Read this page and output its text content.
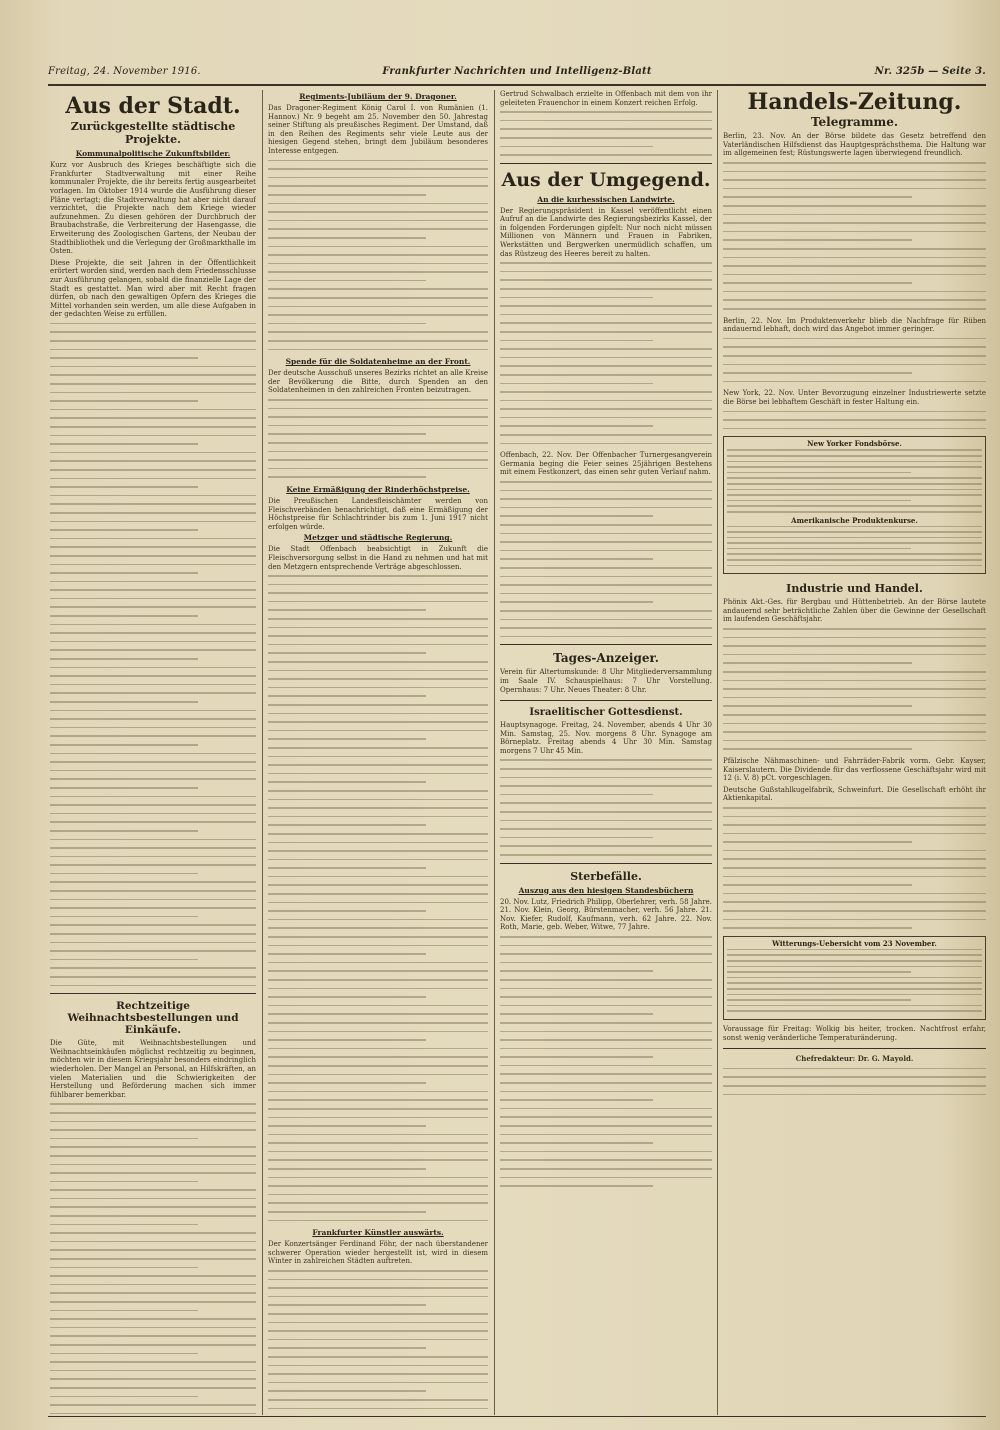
Freitag, 24. November 1916.	Frankfurter Nachrichten und Intelligenz-Blatt	Nr. 325b — Seite 3.
Aus der Stadt.
Zurückgestellte städtische Projekte.
Kommunalpolitische Zukunftsbilder.

Kurz vor Ausbruch des Krieges beschäftigte sich die Frankfurter Stadtverwaltung mit einer Reihe kommunaler Projekte, die ihr bereits fertig ausgearbeitet vorlagen. Im Oktober 1914 wurde die Ausführung dieser Pläne vertagt; die Stadtverwaltung hat aber nicht darauf verzichtet, die Projekte nach dem Kriege wieder aufzunehmen. Zu diesen gehören der Durchbruch der Braubachstraße, die Verbreiterung der Hasengasse, die Erweiterung des Zoologischen Gartens, der Neubau der Stadtbibliothek und die Verlegung der Großmarkthalle im Osten.

Diese Projekte, die seit Jahren in der Öffentlichkeit erörtert worden sind, werden nach dem Friedensschlusse zur Ausführung gelangen, sobald die finanzielle Lage der Stadt es gestattet. Man wird aber mit Recht fragen dürfen, ob nach den gewaltigen Opfern des Krieges die Mittel vorhanden sein werden, um alle diese Aufgaben in der gedachten Weise zu erfüllen.

Rechtzeitige Weihnachtsbestellungen und Einkäufe.

Die Güte, mit Weihnachtsbestellungen und Weihnachtseinkäufen möglichst rechtzeitig zu beginnen, möchten wir in diesem Kriegsjahr besonders eindringlich wiederholen. Der Mangel an Personal, an Hilfskräften, an vielen Materialien und die Schwierigkeiten der Herstellung und Beförderung machen sich immer fühlbarer bemerkbar.

Regiments-Jubiläum der 9. Dragoner.

Das Dragoner-Regiment König Carol I. von Rumänien (1. Hannov.) Nr. 9 begeht am 25. November den 50. Jahrestag seiner Stiftung als preußisches Regiment. Der Umstand, daß in den Reihen des Regiments sehr viele Leute aus der hiesigen Gegend stehen, bringt dem Jubiläum besonderes Interesse entgegen.

Spende für die Soldatenheime an der Front.

Der deutsche Ausschuß unseres Bezirks richtet an alle Kreise der Bevölkerung die Bitte, durch Spenden an den Soldatenheimen in den zahlreichen Fronten beizutragen.

Keine Ermäßigung der Rinderhöchstpreise.

Die Preußischen Landesfleischämter werden von Fleischverbänden benachrichtigt, daß eine Ermäßigung der Höchstpreise für Schlachtrinder bis zum 1. Juni 1917 nicht erfolgen würde.

Metzger und städtische Regierung.

Die Stadt Offenbach beabsichtigt in Zukunft die Fleischversorgung selbst in die Hand zu nehmen und hat mit den Metzgern entsprechende Verträge abgeschlossen.

Frankfurter Künstler auswärts.

Der Konzertsänger Ferdinand Föhr, der nach überstandener schwerer Operation wieder hergestellt ist, wird in diesem Winter in zahlreichen Städten auftreten.

Gertrud Schwalbach erzielte in Offenbach mit dem von ihr geleiteten Frauenchor in einem Konzert reichen Erfolg.

Aus der Umgegend.
An die kurhessischen Landwirte.

Der Regierungspräsident in Kassel veröffentlicht einen Aufruf an die Landwirte des Regierungsbezirks Kassel, der in folgenden Forderungen gipfelt: Nur noch nicht müssen Millionen von Männern und Frauen in Fabriken, Werkstätten und Bergwerken unermüdlich schaffen, um das Rüstzeug des Heeres bereit zu halten.

Offenbach, 22. Nov. Der Offenbacher Turnergesangverein Germania beging die Feier seines 25jährigen Bestehens mit einem Festkonzert, das einen sehr guten Verlauf nahm.

Tages-Anzeiger.

Verein für Altertumskunde: 8 Uhr Mitgliederversammlung im Saale IV. Schauspielhaus: 7 Uhr Vorstellung. Opernhaus: 7 Uhr. Neues Theater: 8 Uhr.

Israelitischer Gottesdienst.

Hauptsynagoge. Freitag, 24. November, abends 4 Uhr 30 Min. Samstag, 25. Nov. morgens 8 Uhr. Synagoge am Börneplatz. Freitag abends 4 Uhr 30 Min. Samstag morgens 7 Uhr 45 Min.

Sterbefälle.
Auszug aus den hiesigen Standesbüchern

20. Nov. Lutz, Friedrich Philipp, Oberlehrer, verh. 58 Jahre. 21. Nov. Klein, Georg, Bürstenmacher, verh. 56 Jahre. 21. Nov. Kiefer, Rudolf, Kaufmann, verh. 62 Jahre. 22. Nov. Roth, Marie, geb. Weber, Witwe, 77 Jahre.

Handels-Zeitung.
Telegramme.

Berlin, 23. Nov. An der Börse bildete das Gesetz betreffend den Vaterländischen Hilfsdienst das Hauptgesprächsthema. Die Haltung war im allgemeinen fest; Rüstungswerte lagen überwiegend freundlich.

Berlin, 22. Nov. Im Produktenverkehr blieb die Nachfrage für Rüben andauernd lebhaft, doch wird das Angebot immer geringer.

New York, 22. Nov. Unter Bevorzugung einzelner Industriewerte setzte die Börse bei lebhaftem Geschäft in fester Haltung ein.

New Yorker Fondsbörse.
Amerikanische Produktenkurse.
Industrie und Handel.

Phönix Akt.-Ges. für Bergbau und Hüttenbetrieb. An der Börse lautete andauernd sehr beträchtliche Zahlen über die Gewinne der Gesellschaft im laufenden Geschäftsjahr.

Pfälzische Nähmaschinen- und Fahrräder-Fabrik vorm. Gebr. Kayser, Kaiserslautern. Die Dividende für das verflossene Geschäftsjahr wird mit 12 (i. V. 8) pCt. vorgeschlagen.

Deutsche Gußstahlkugelfabrik, Schweinfurt. Die Gesellschaft erhöht ihr Aktienkapital.

Witterungs-Uebersicht vom 23 November.

Voraussage für Freitag: Wolkig bis heiter, trocken. Nachtfrost erfahr, sonst wenig veränderliche Temperaturänderung.

Chefredakteur: Dr. G. Mayold.
